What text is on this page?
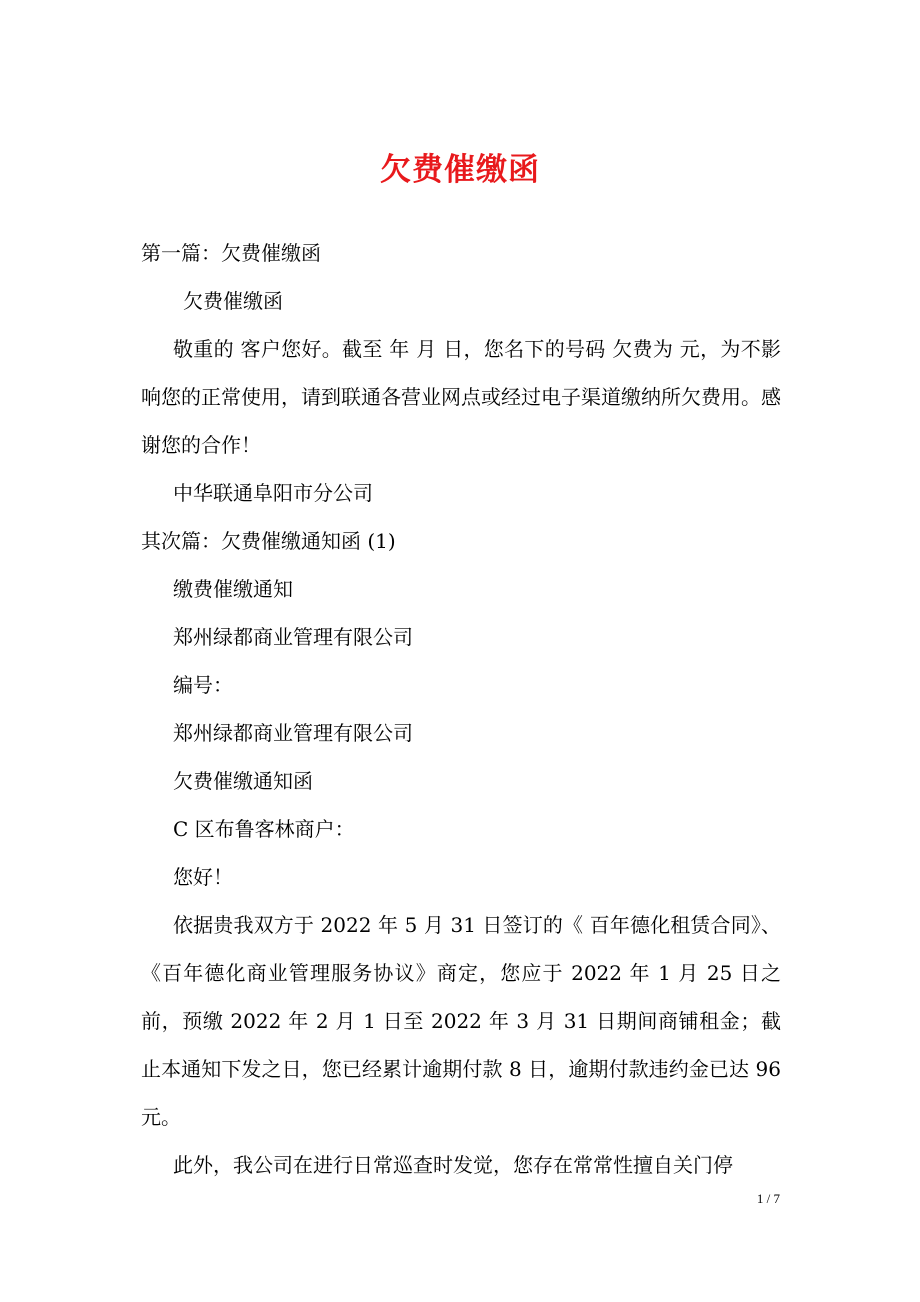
欠费催缴函

第一篇：欠费催缴函

欠费催缴函

敬重的 客户您好。截至 年 月 日，您名下的号码 欠费为 元，为不影响您的正常使用，请到联通各营业网点或经过电子渠道缴纳所欠费用。感谢您的合作！

中华联通阜阳市分公司

其次篇：欠费催缴通知函 (1)

缴费催缴通知

郑州绿都商业管理有限公司

编号：

郑州绿都商业管理有限公司

欠费催缴通知函

C 区布鲁客林商户：

您好！

依据贵我双方于 2022 年 5 月 31 日签订的《 百年德化租赁合同》、《百年德化商业管理服务协议》商定，您应于 2022 年 1 月 25 日之前，预缴 2022 年 2 月 1 日至 2022 年 3 月 31 日期间商铺租金；截止本通知下发之日，您已经累计逾期付款 8 日，逾期付款违约金已达 96 元。

此外，我公司在进行日常巡查时发觉，您存在常常性擅自关门停

1 / 7
